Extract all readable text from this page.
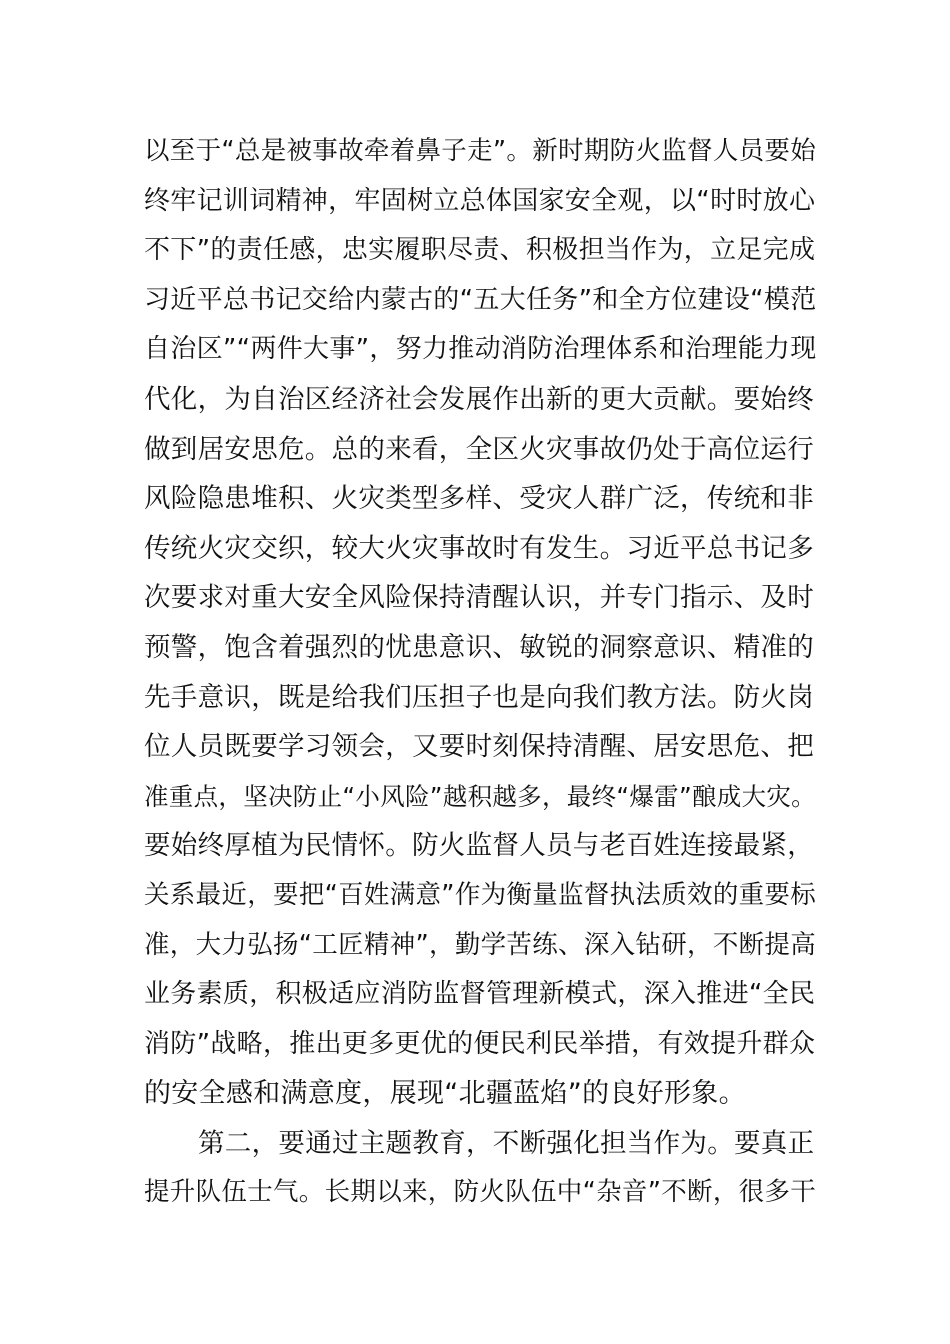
以至于“总是被事故牵着鼻子走”。新时期防火监督人员要始
终牢记训词精神，牢固树立总体国家安全观，以“时时放心
不下”的责任感，忠实履职尽责、积极担当作为，立足完成
习近平总书记交给内蒙古的“五大任务”和全方位建设“模范
自治区”“两件大事”，努力推动消防治理体系和治理能力现
代化，为自治区经济社会发展作出新的更大贡献。要始终
做到居安思危。总的来看，全区火灾事故仍处于高位运行
风险隐患堆积、火灾类型多样、受灾人群广泛，传统和非
传统火灾交织，较大火灾事故时有发生。习近平总书记多
次要求对重大安全风险保持清醒认识，并专门指示、及时
预警，饱含着强烈的忧患意识、敏锐的洞察意识、精准的
先手意识，既是给我们压担子也是向我们教方法。防火岗
位人员既要学习领会，又要时刻保持清醒、居安思危、把
准重点，坚决防止“小风险”越积越多，最终“爆雷”酿成大灾。
要始终厚植为民情怀。防火监督人员与老百姓连接最紧，
关系最近，要把“百姓满意”作为衡量监督执法质效的重要标
准，大力弘扬“工匠精神”，勤学苦练、深入钻研，不断提高
业务素质，积极适应消防监督管理新模式，深入推进“全民
消防”战略，推出更多更优的便民利民举措，有效提升群众
的安全感和满意度，展现“北疆蓝焰”的良好形象。
第二，要通过主题教育，不断强化担当作为。要真正
提升队伍士气。长期以来，防火队伍中“杂音”不断，很多干
